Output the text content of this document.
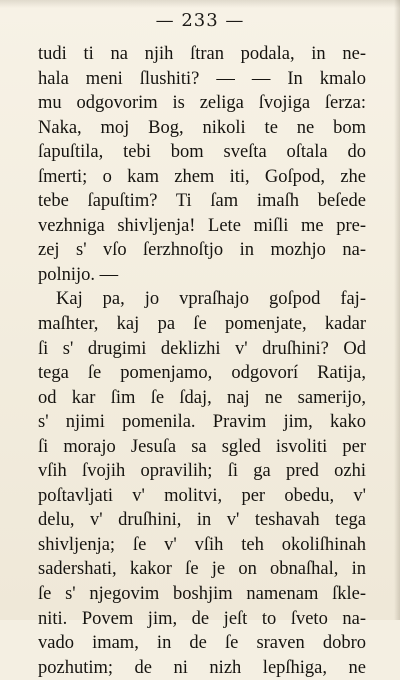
— 233 —
tudi ti na njih ſtran podala, in ne-
hala meni ſlushiti? — — In kmalo
mu odgovorim is zeliga ſvojiga ſerza:
Naka, moj Bog, nikoli te ne bom
ſapuſtila, tebi bom sveſta oſtala do
ſmerti; o kam zhem iti, Goſpod, zhe
tebe ſapuſtim? Ti ſam imaſh beſede
vezhniga shivljenja! Lete miſli me pre-
zej s' vſo ſerzhnoſtjo in mozhjo na-
polnijo. —
Kaj pa, jo vpraſhajo goſpod faj-
maſhter, kaj pa ſe pomenjate, kadar
ſi s' drugimi deklizhi v' druſhini? Od
tega ſe pomenjamo, odgovorí Ratija,
od kar ſim ſe ſdaj, naj ne samerijo,
s' njimi pomenila. Pravim jim, kako
ſi morajo Jesuſa sa sgled isvoliti per
vſih ſvojih opravilih; ſi ga pred ozhi
poſtavljati v' molitvi, per obedu, v'
delu, v' druſhini, in v' teshavah tega
shivljenja; ſe v' vſih teh okoliſhinah
sadershati, kakor ſe je on obnaſhal, in
ſe s' njegovim boshjim namenam ſkle-
niti. Povem jim, de jeſt to ſveto na-
vado imam, in de ſe sraven dobro
pozhutim; de ni nizh lepſhiga, ne
